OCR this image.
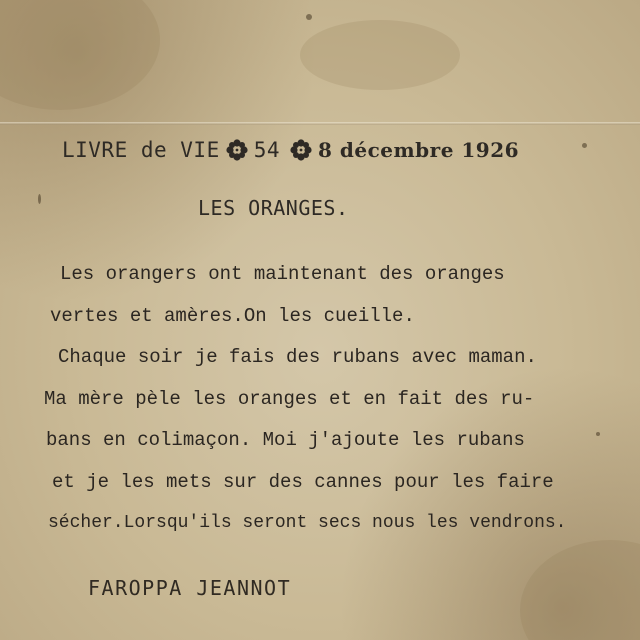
LIVRE de VIE 54 8 décembre 1926
LES ORANGES.
Les orangers ont maintenant des oranges
vertes et amères.On les cueille.
Chaque soir je fais des rubans avec maman.
Ma mère pèle les oranges et en fait des ru-
bans en colimaçon. Moi j'ajoute les rubans
et je les mets sur des cannes pour les faire
sécher.Lorsqu'ils seront secs nous les vendrons.
FAROPPA JEANNOT
